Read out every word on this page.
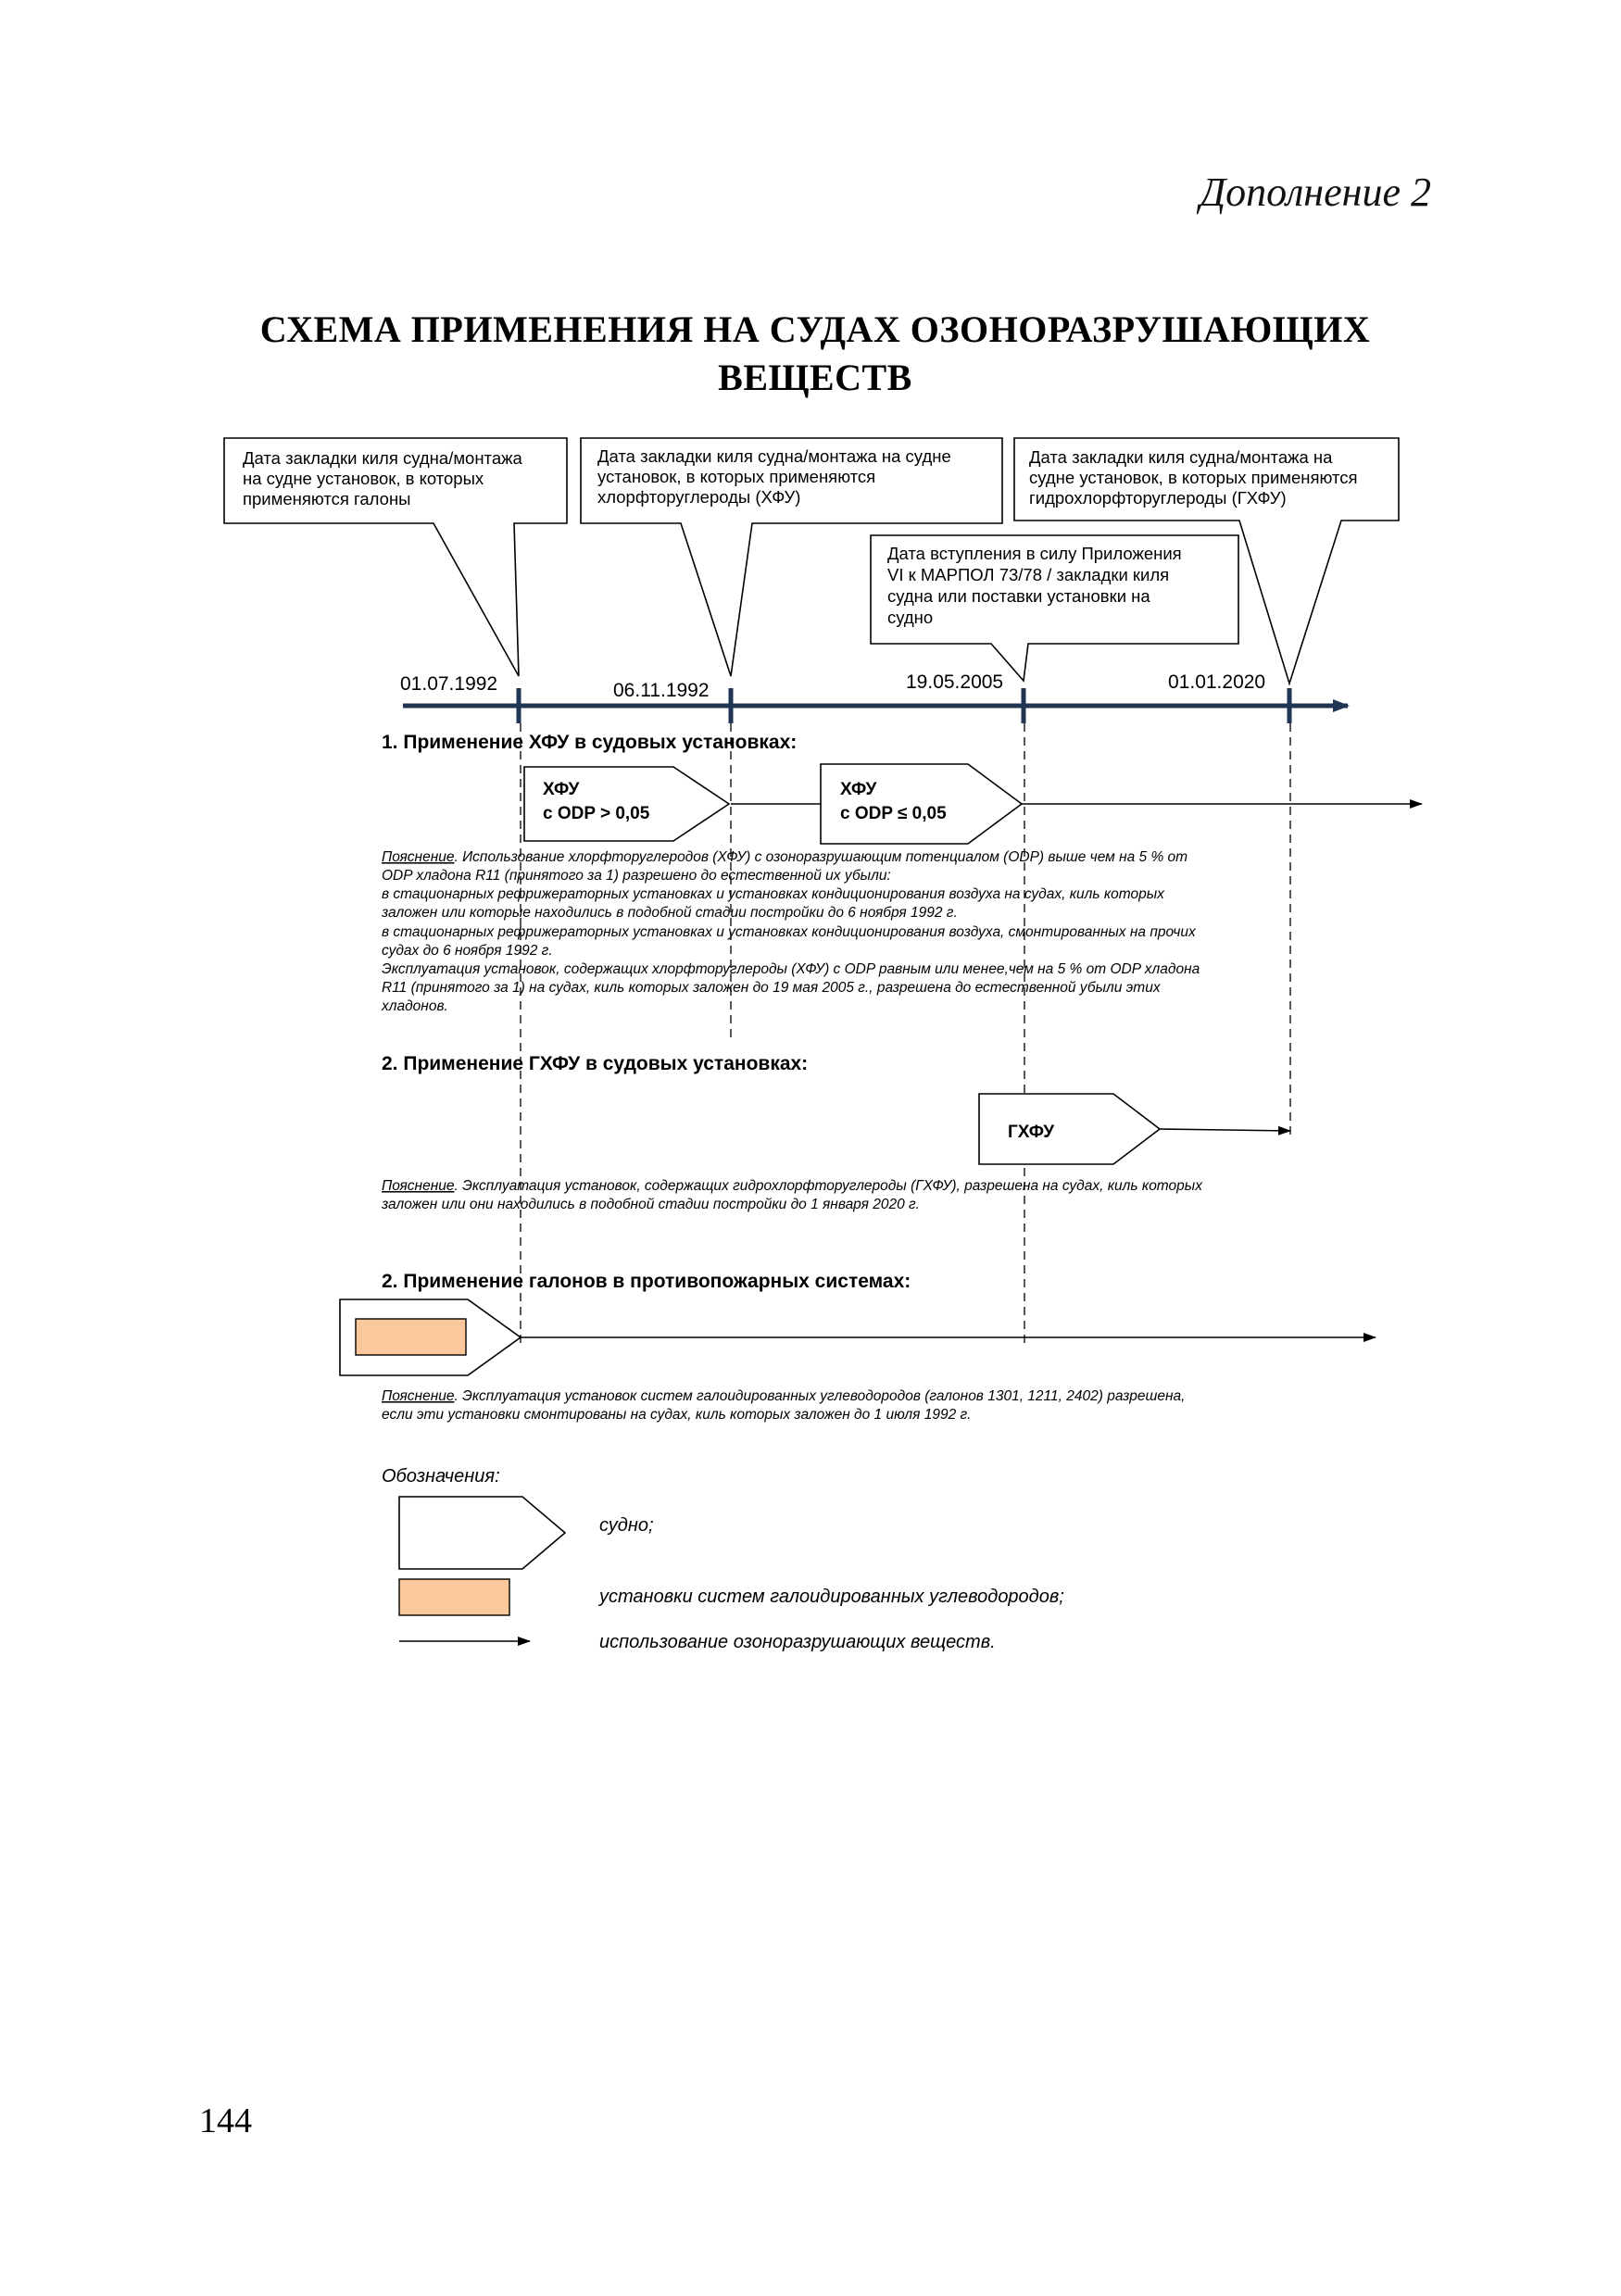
Дополнение 2
СХЕМА ПРИМЕНЕНИЯ НА СУДАХ ОЗОНОРАЗРУШАЮЩИХ
ВЕЩЕСТВ
Дата закладки киля судна/монтажа на судне установок, в которых применяются галоны
Дата закладки киля судна/монтажа на судне установок, в которых применяются хлорфторуглероды (ХФУ)
Дата закладки киля судна/монтажа на судне установок, в которых применяются гидрохлорфторуглероды (ГХФУ)
Дата вступления в силу Приложения VI к МАРПОЛ 73/78 / закладки киля судна или поставки установки на судно
01.07.1992	06.11.1992	19.05.2005	01.01.2020
1. Применение ХФУ в судовых установках:
ХФУ с ODP > 0,05
ХФУ с ODP ≤ 0,05
Пояснение. Использование хлорфторуглеродов (ХФУ) с озоноразрушающим потенциалом (ODP) выше чем на 5 % от ODP хладона R11 (принятого за 1) разрешено до естественной их убыли: в стационарных рефрижераторных установках и установках кондиционирования воздуха на судах, киль которых заложен или которые находились в подобной стадии постройки до 6 ноября 1992 г. в стационарных рефрижераторных установках и установках кондиционирования воздуха, смонтированных на прочих судах до 6 ноября 1992 г. Эксплуатация установок, содержащих хлорфторуглероды (ХФУ) с ODP равным или менее,чем на 5 % от ODP хладона R11 (принятого за 1) на судах, киль которых заложен до 19 мая 2005 г., разрешена до естественной убыли этих хладонов.
2. Применение ГХФУ в судовых установках:
ГХФУ
Пояснение. Эксплуатация установок, содержащих гидрохлорфторуглероды (ГХФУ), разрешена на судах, киль которых заложен или они находились в подобной стадии постройки до 1 января 2020 г.
2. Применение галонов в противопожарных системах:
Пояснение. Эксплуатация установок систем галоидированных углеводородов (галонов 1301, 1211, 2402) разрешена, если эти установки смонтированы на судах, киль которых заложен до 1 июля 1992 г.
Обозначения:
судно;
установки систем галоидированных углеводородов;
использование озоноразрушающих веществ.
144
